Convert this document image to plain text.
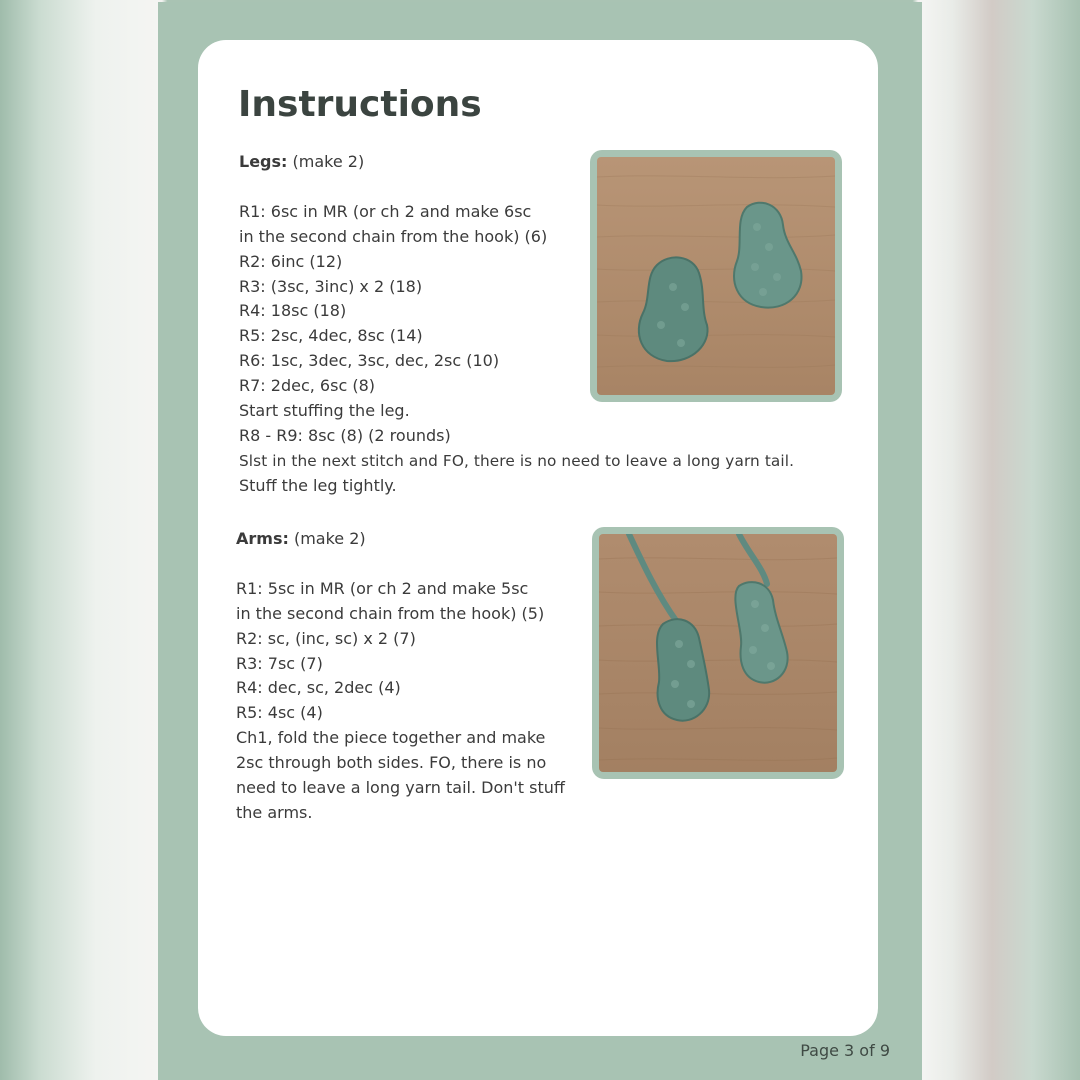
Instructions
Legs: (make 2)
R1: 6sc in MR (or ch 2 and make 6sc
in the second chain from the hook) (6)
R2: 6inc (12)
R3: (3sc, 3inc) x 2 (18)
R4: 18sc (18)
R5: 2sc, 4dec, 8sc (14)
R6: 1sc, 3dec, 3sc, dec, 2sc (10)
R7: 2dec, 6sc (8)
Start stuffing the leg.
R8 - R9: 8sc (8) (2 rounds)
Slst in the next stitch and FO, there is no need to leave a long yarn tail.
Stuff the leg tightly.
Arms: (make 2)
R1: 5sc in MR (or ch 2 and make 5sc
in the second chain from the hook) (5)
R2: sc, (inc, sc) x 2 (7)
R3: 7sc (7)
R4: dec, sc, 2dec (4)
R5: 4sc (4)
Ch1, fold the piece together and make
2sc through both sides. FO, there is no
need to leave a long yarn tail. Don't stuff
the arms.
Page 3 of 9
